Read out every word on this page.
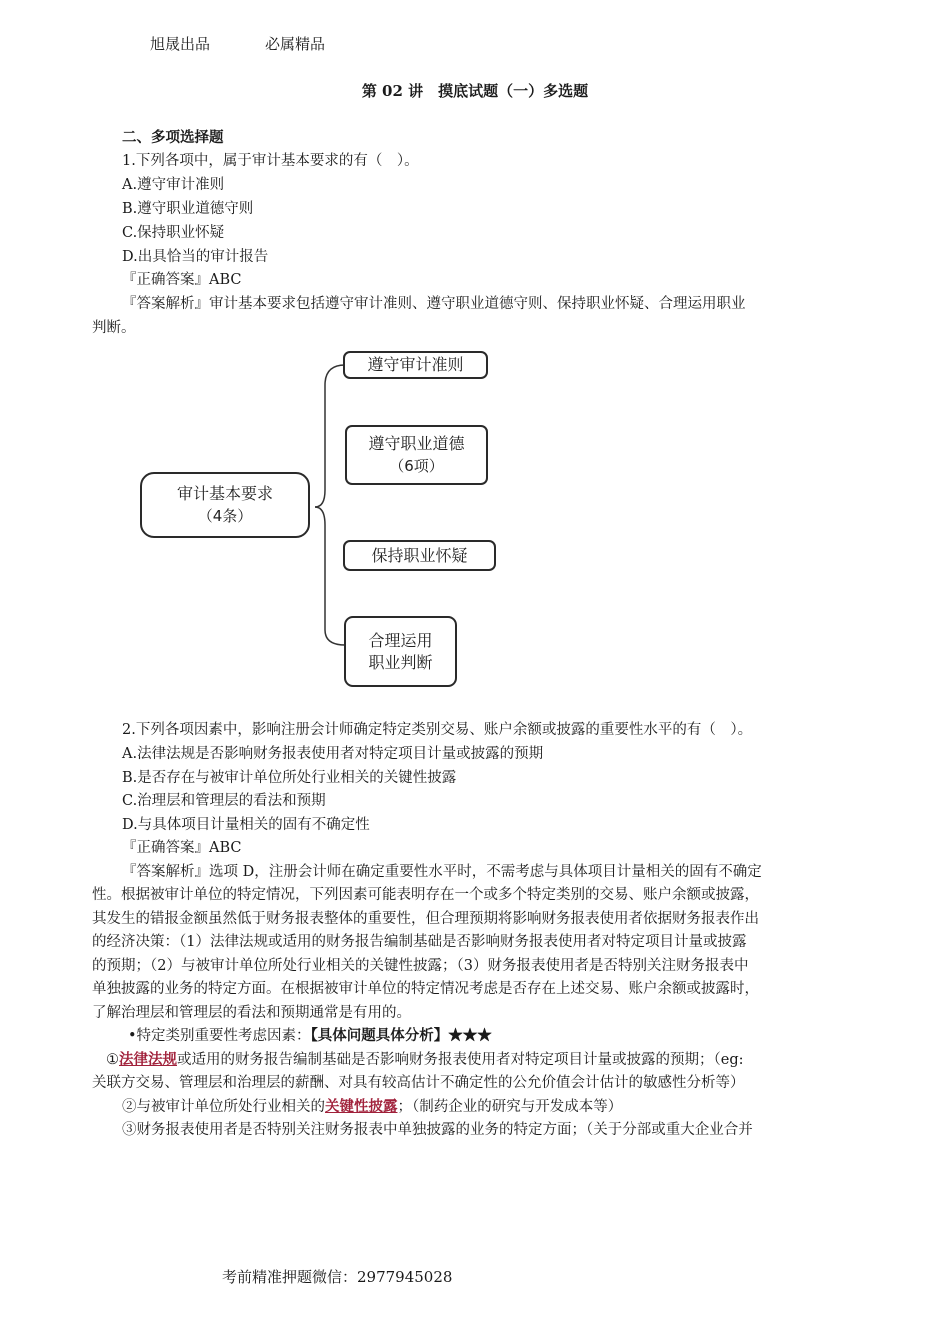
旭晟出品	必属精品
第 02 讲　摸底试题（一）多选题
二、多项选择题
1.下列各项中，属于审计基本要求的有（　）。
A.遵守审计准则
B.遵守职业道德守则
C.保持职业怀疑
D.出具恰当的审计报告
『正确答案』ABC
『答案解析』审计基本要求包括遵守审计准则、遵守职业道德守则、保持职业怀疑、合理运用职业
判断。
审计基本要求
（4条）
遵守审计准则
遵守职业道德
（6项）
保持职业怀疑
合理运用
职业判断
2.下列各项因素中，影响注册会计师确定特定类别交易、账户余额或披露的重要性水平的有（　）。
A.法律法规是否影响财务报表使用者对特定项目计量或披露的预期
B.是否存在与被审计单位所处行业相关的关键性披露
C.治理层和管理层的看法和预期
D.与具体项目计量相关的固有不确定性
『正确答案』ABC
『答案解析』选项 D，注册会计师在确定重要性水平时，不需考虑与具体项目计量相关的固有不确定
性。根据被审计单位的特定情况，下列因素可能表明存在一个或多个特定类别的交易、账户余额或披露，
其发生的错报金额虽然低于财务报表整体的重要性，但合理预期将影响财务报表使用者依据财务报表作出
的经济决策：（1）法律法规或适用的财务报告编制基础是否影响财务报表使用者对特定项目计量或披露
的预期；（2）与被审计单位所处行业相关的关键性披露；（3）财务报表使用者是否特别关注财务报表中
单独披露的业务的特定方面。在根据被审计单位的特定情况考虑是否存在上述交易、账户余额或披露时，
了解治理层和管理层的看法和预期通常是有用的。
•特定类别重要性考虑因素：【具体问题具体分析】★★★
①法律法规或适用的财务报告编制基础是否影响财务报表使用者对特定项目计量或披露的预期；（eg:
关联方交易、管理层和治理层的薪酬、对具有较高估计不确定性的公允价值会计估计的敏感性分析等）
②与被审计单位所处行业相关的关键性披露；（制药企业的研究与开发成本等）
③财务报表使用者是否特别关注财务报表中单独披露的业务的特定方面；（关于分部或重大企业合并
考前精准押题微信：2977945028
